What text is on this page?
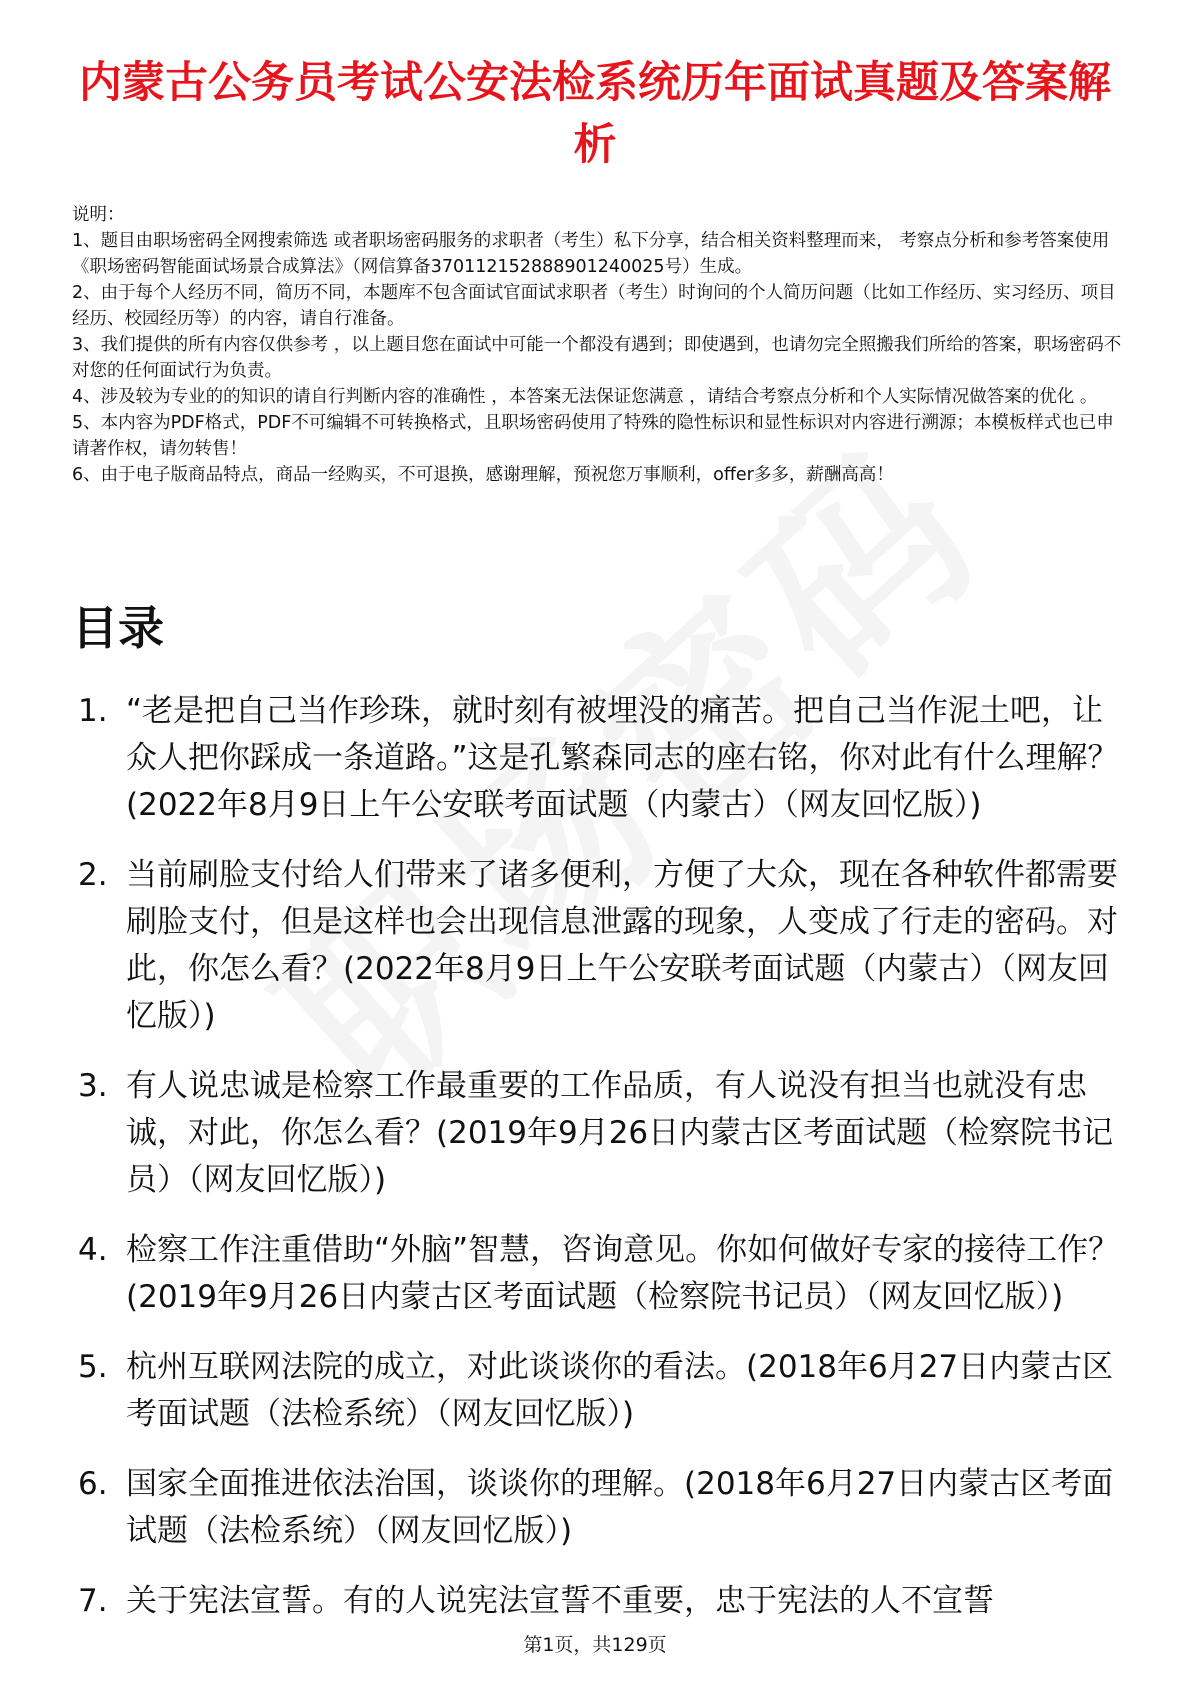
内蒙古公务员考试公安法检系统历年面试真题及答案解析

说明：

1、题目由职场密码全网搜索筛选 或者职场密码服务的求职者（考生）私下分享，结合相关资料整理而来， 考察点分析和参考答案使用《职场密码智能面试场景合成算法》（网信算备370112152888901240025号）生成。

2、由于每个人经历不同，简历不同，本题库不包含面试官面试求职者（考生）时询问的个人简历问题（比如工作经历、实习经历、项目经历、校园经历等）的内容，请自行准备。

3、我们提供的所有内容仅供参考 ，以上题目您在面试中可能一个都没有遇到；即使遇到，也请勿完全照搬我们所给的答案，职场密码不对您的任何面试行为负责。

4、涉及较为专业的的知识的请自行判断内容的准确性 ，本答案无法保证您满意 ，请结合考察点分析和个人实际情况做答案的优化 。

5、本内容为PDF格式，PDF不可编辑不可转换格式，且职场密码使用了特殊的隐性标识和显性标识对内容进行溯源；本模板样式也已申请著作权，请勿转售！

6、由于电子版商品特点，商品一经购买，不可退换，感谢理解，预祝您万事顺利，offer多多，薪酬高高！

目录
1. “老是把自己当作珍珠，就时刻有被埋没的痛苦。把自己当作泥土吧，让众人把你踩成一条道路。”这是孔繁森同志的座右铭，你对此有什么理解？(2022年8月9日上午公安联考面试题（内蒙古）（网友回忆版）)
2. 当前刷脸支付给人们带来了诸多便利，方便了大众，现在各种软件都需要刷脸支付，但是这样也会出现信息泄露的现象，人变成了行走的密码。对此，你怎么看？(2022年8月9日上午公安联考面试题（内蒙古）（网友回忆版）)
3. 有人说忠诚是检察工作最重要的工作品质，有人说没有担当也就没有忠诚，对此，你怎么看？(2019年9月26日内蒙古区考面试题（检察院书记员）（网友回忆版）)
4. 检察工作注重借助“外脑”智慧，咨询意见。你如何做好专家的接待工作？(2019年9月26日内蒙古区考面试题（检察院书记员）（网友回忆版）)
5. 杭州互联网法院的成立，对此谈谈你的看法。(2018年6月27日内蒙古区考面试题（法检系统）（网友回忆版）)
6. 国家全面推进依法治国，谈谈你的理解。(2018年6月27日内蒙古区考面试题（法检系统）（网友回忆版）)
7. 关于宪法宣誓。有的人说宪法宣誓不重要，忠于宪法的人不宣誓
第1页，共129页
